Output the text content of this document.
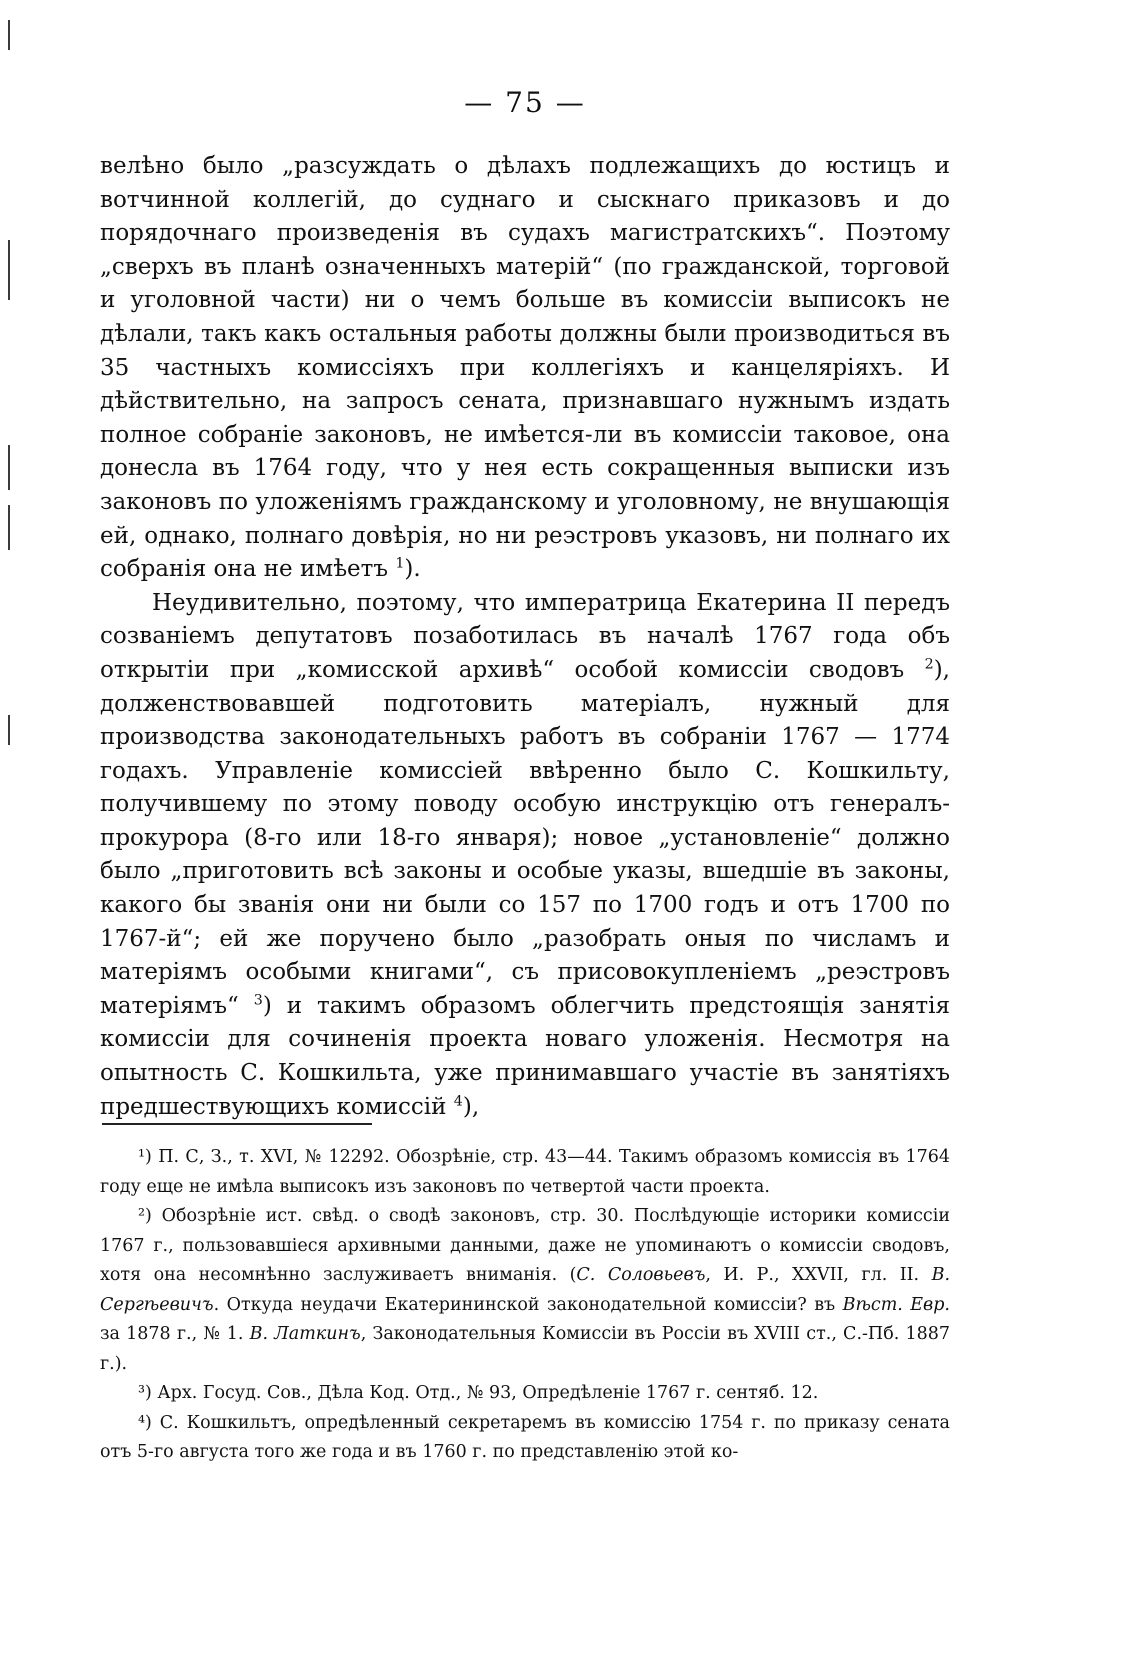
— 75 —

велѣно было „разсуждать о дѣлахъ подлежащихъ до юстицъ и вотчинной коллегій, до суднаго и сыскнаго приказовъ и до порядочнаго произведенія въ судахъ магистратскихъ“. Поэтому „сверхъ въ планѣ означенныхъ матерій“ (по гражданской, торговой и уголовной части) ни о чемъ больше въ комиссіи выписокъ не дѣлали, такъ какъ остальныя работы должны были производиться въ 35 частныхъ комиссіяхъ при коллегіяхъ и канцеляріяхъ. И дѣйствительно, на запросъ сената, признавшаго нужнымъ издать полное собраніе законовъ, не имѣется-ли въ комиссіи таковое, она донесла въ 1764 году, что у нея есть сокращенныя выписки изъ законовъ по уложеніямъ гражданскому и уголовному, не внушающія ей, однако, полнаго довѣрія, но ни реэстровъ указовъ, ни полнаго их собранія она не имѣетъ $^1$).

Неудивительно, поэтому, что императрица Екатерина II передъ созваніемъ депутатовъ позаботилась въ началѣ 1767 года объ открытіи при „комисской архивѣ“ особой комиссіи сводовъ $^2$), долженствовавшей подготовить матеріалъ, нужный для производства законодательныхъ работъ въ собраніи 1767 — 1774 годахъ. Управленіе комиссіей ввѣренно было С. Кошкильту, получившему по этому поводу особую инструкцію отъ генералъ-прокурора (8-го или 18-го января); новое „установленіе“ должно было „приготовить всѣ законы и особые указы, вшедшіе въ законы, какого бы званія они ни были со 157 по 1700 годъ и отъ 1700 по 1767-й“; ей же поручено было „разобрать оныя по числамъ и матеріямъ особыми книгами“, съ присовокупленіемъ „реэстровъ матеріямъ“ $^3$) и такимъ образомъ облегчить предстоящія занятія комиссіи для сочиненія проекта новаго уложенія. Несмотря на опытность С. Кошкильта, уже принимавшаго участіе въ занятіяхъ предшествующихъ комиссій $^4$),

¹) П. С, З., т. XVI, № 12292. Обозрѣніе, стр. 43—44. Такимъ образомъ комиссія въ 1764 году еще не имѣла выписокъ изъ законовъ по четвертой части проекта.

²) Обозрѣніе ист. свѣд. о сводѣ законовъ, стр. 30. Послѣдующіе историки комиссіи 1767 г., пользовавшіеся архивными данными, даже не упоминаютъ о комиссіи сводовъ, хотя она несомнѣнно заслуживаетъ вниманія. (С. Соловьевъ, И. Р., XXVII, гл. II. В. Сергѣевичъ. Откуда неудачи Екатерининской законодательной комиссіи? въ Вѣст. Евр. за 1878 г., № 1. В. Латкинъ, Законодательныя Комиссіи въ Россіи въ XVIII ст., С.-Пб. 1887 г.).

³) Арх. Госуд. Сов., Дѣла Код. Отд., № 93, Опредѣленіе 1767 г. сентяб. 12.

⁴) С. Кошкильтъ, опредѣленный секретаремъ въ комиссію 1754 г. по приказу сената отъ 5-го августа того же года и въ 1760 г. по представленію этой ко-
